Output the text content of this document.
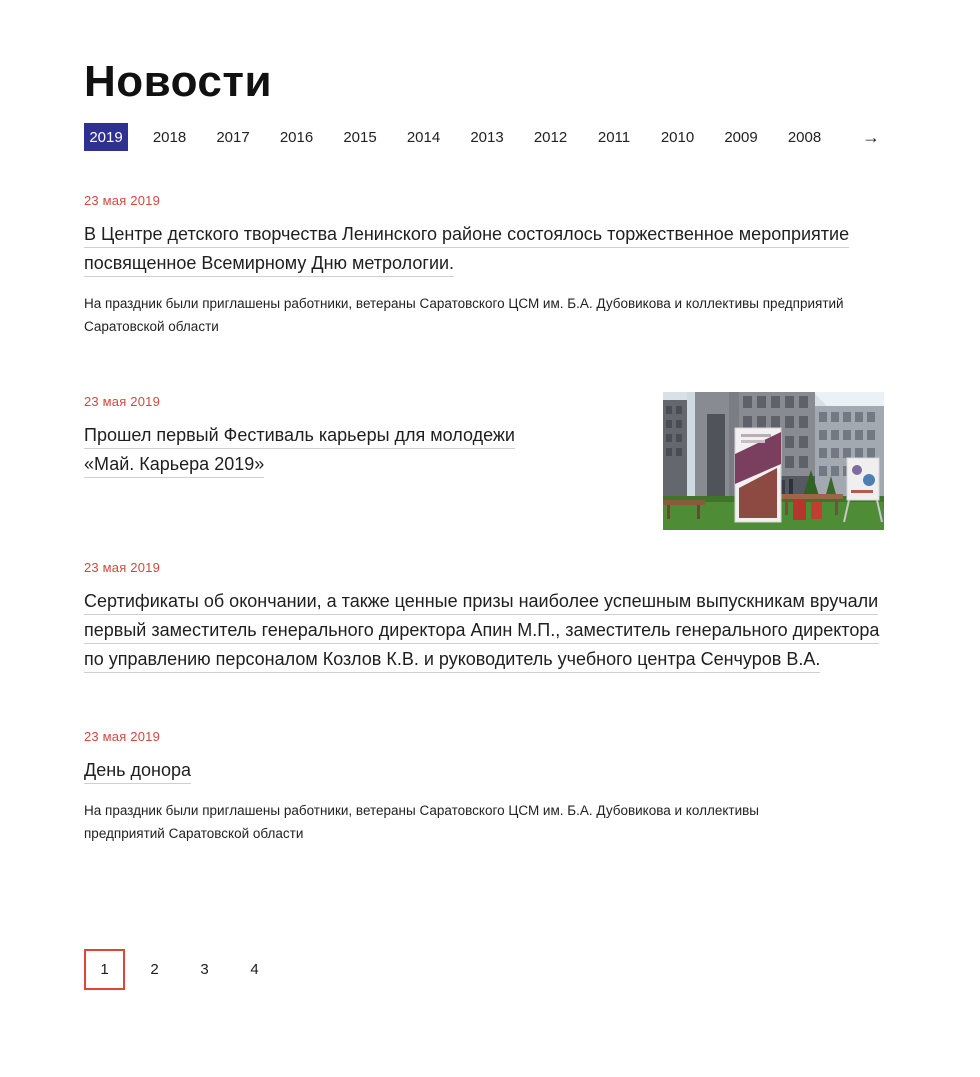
Новости
2019	2018	2017	2016	2015	2014	2013	2012	2011	2010	2009	2008 →
23 мая 2019
В Центре детского творчества Ленинского районе состоялось торжественное мероприятие посвященное Всемирному Дню метрологии.

На праздник были приглашены работники, ветераны Саратовского ЦСМ им. Б.А. Дубовикова и коллективы предприятий Саратовской области

23 мая 2019
Прошел первый Фестиваль карьеры для молодежи «Май. Карьера 2019»
23 мая 2019
Сертификаты об окончании, а также ценные призы наиболее успешным выпускникам вручали первый заместитель генерального директора Апин М.П., заместитель генерального директора по управлению персоналом Козлов К.В. и руководитель учебного центра Сенчуров В.А.
23 мая 2019
День донора

На праздник были приглашены работники, ветераны Саратовского ЦСМ им. Б.А. Дубовикова и коллективы предприятий Саратовской области

1	2	3	4
